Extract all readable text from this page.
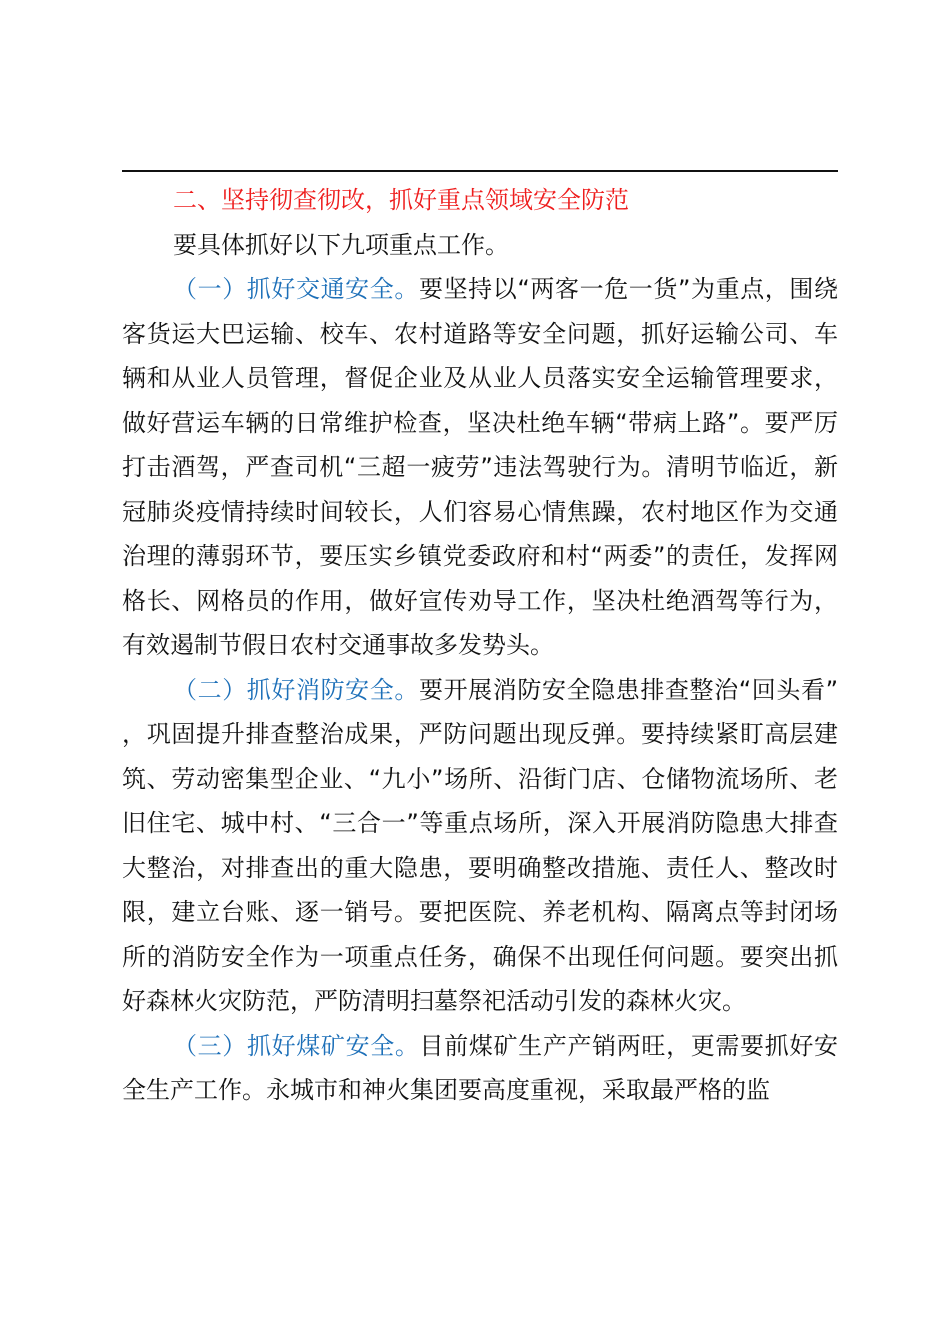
二、坚持彻查彻改，抓好重点领域安全防范

要具体抓好以下九项重点工作。

（一）抓好交通安全。要坚持以“两客一危一货”为重点，围绕客货运大巴运输、校车、农村道路等安全问题，抓好运输公司、车辆和从业人员管理，督促企业及从业人员落实安全运输管理要求，做好营运车辆的日常维护检查，坚决杜绝车辆“带病上路”。要严厉打击酒驾，严查司机“三超一疲劳”违法驾驶行为。清明节临近，新冠肺炎疫情持续时间较长，人们容易心情焦躁，农村地区作为交通治理的薄弱环节，要压实乡镇党委政府和村“两委”的责任，发挥网格长、网格员的作用，做好宣传劝导工作，坚决杜绝酒驾等行为，有效遏制节假日农村交通事故多发势头。

（二）抓好消防安全。要开展消防安全隐患排查整治“回头看”，巩固提升排查整治成果，严防问题出现反弹。要持续紧盯高层建筑、劳动密集型企业、“九小”场所、沿街门店、仓储物流场所、老旧住宅、城中村、“三合一”等重点场所，深入开展消防隐患大排查大整治，对排查出的重大隐患，要明确整改措施、责任人、整改时限，建立台账、逐一销号。要把医院、养老机构、隔离点等封闭场所的消防安全作为一项重点任务，确保不出现任何问题。要突出抓好森林火灾防范，严防清明扫墓祭祀活动引发的森林火灾。

（三）抓好煤矿安全。目前煤矿生产产销两旺，更需要抓好安全生产工作。永城市和神火集团要高度重视，采取最严格的监
